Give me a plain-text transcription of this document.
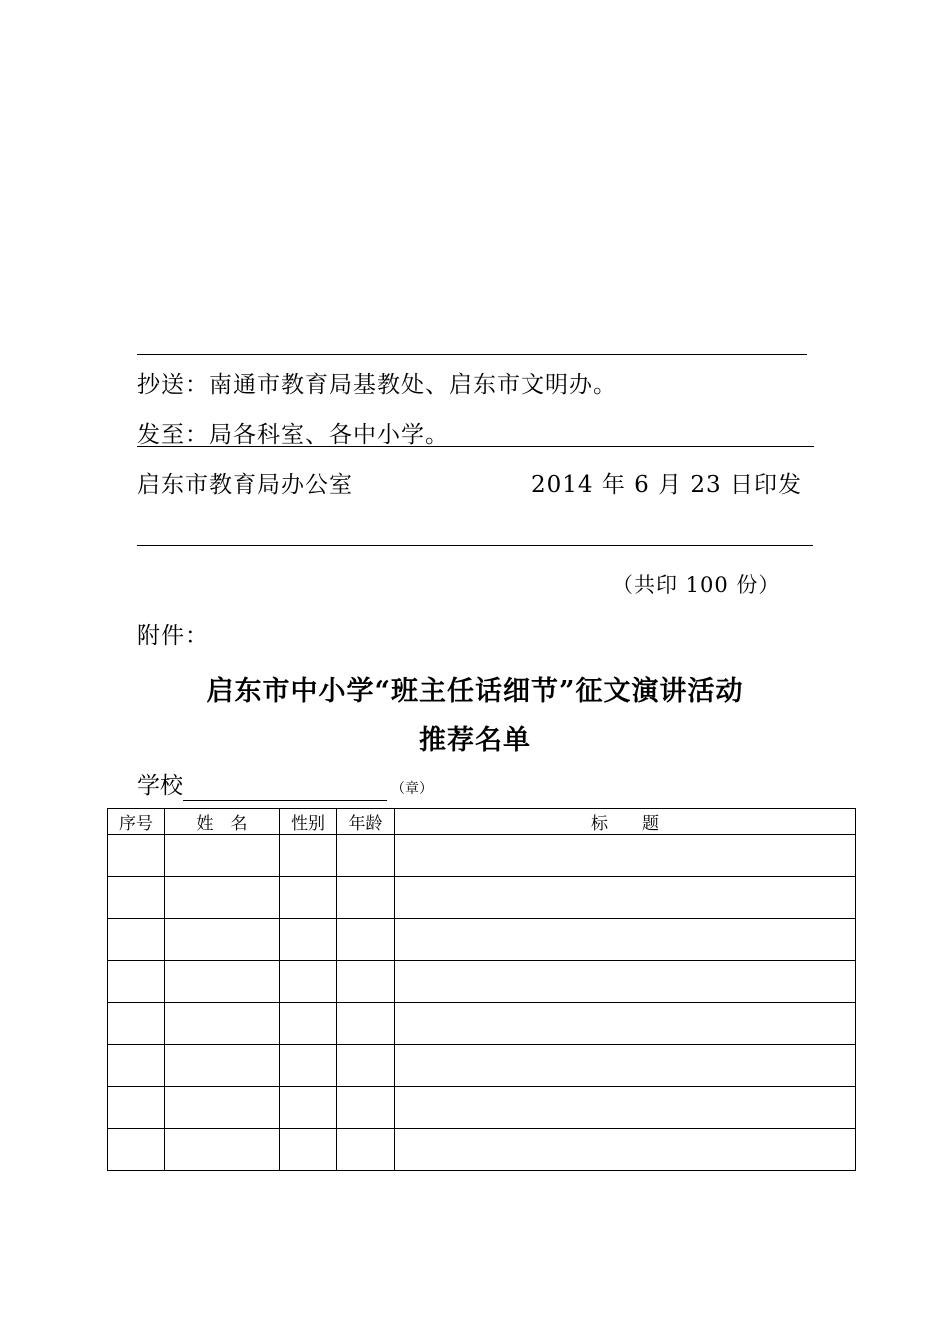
抄送：南通市教育局基教处、启东市文明办。
发至：局各科室、各中小学。
启东市教育局办公室	2014 年 6 月 23 日印发
（共印 100 份）
附件：
启东市中小学“班主任话细节”征文演讲活动
推荐名单
学校	（章）
序号	姓　名	性别	年龄	标　　题
